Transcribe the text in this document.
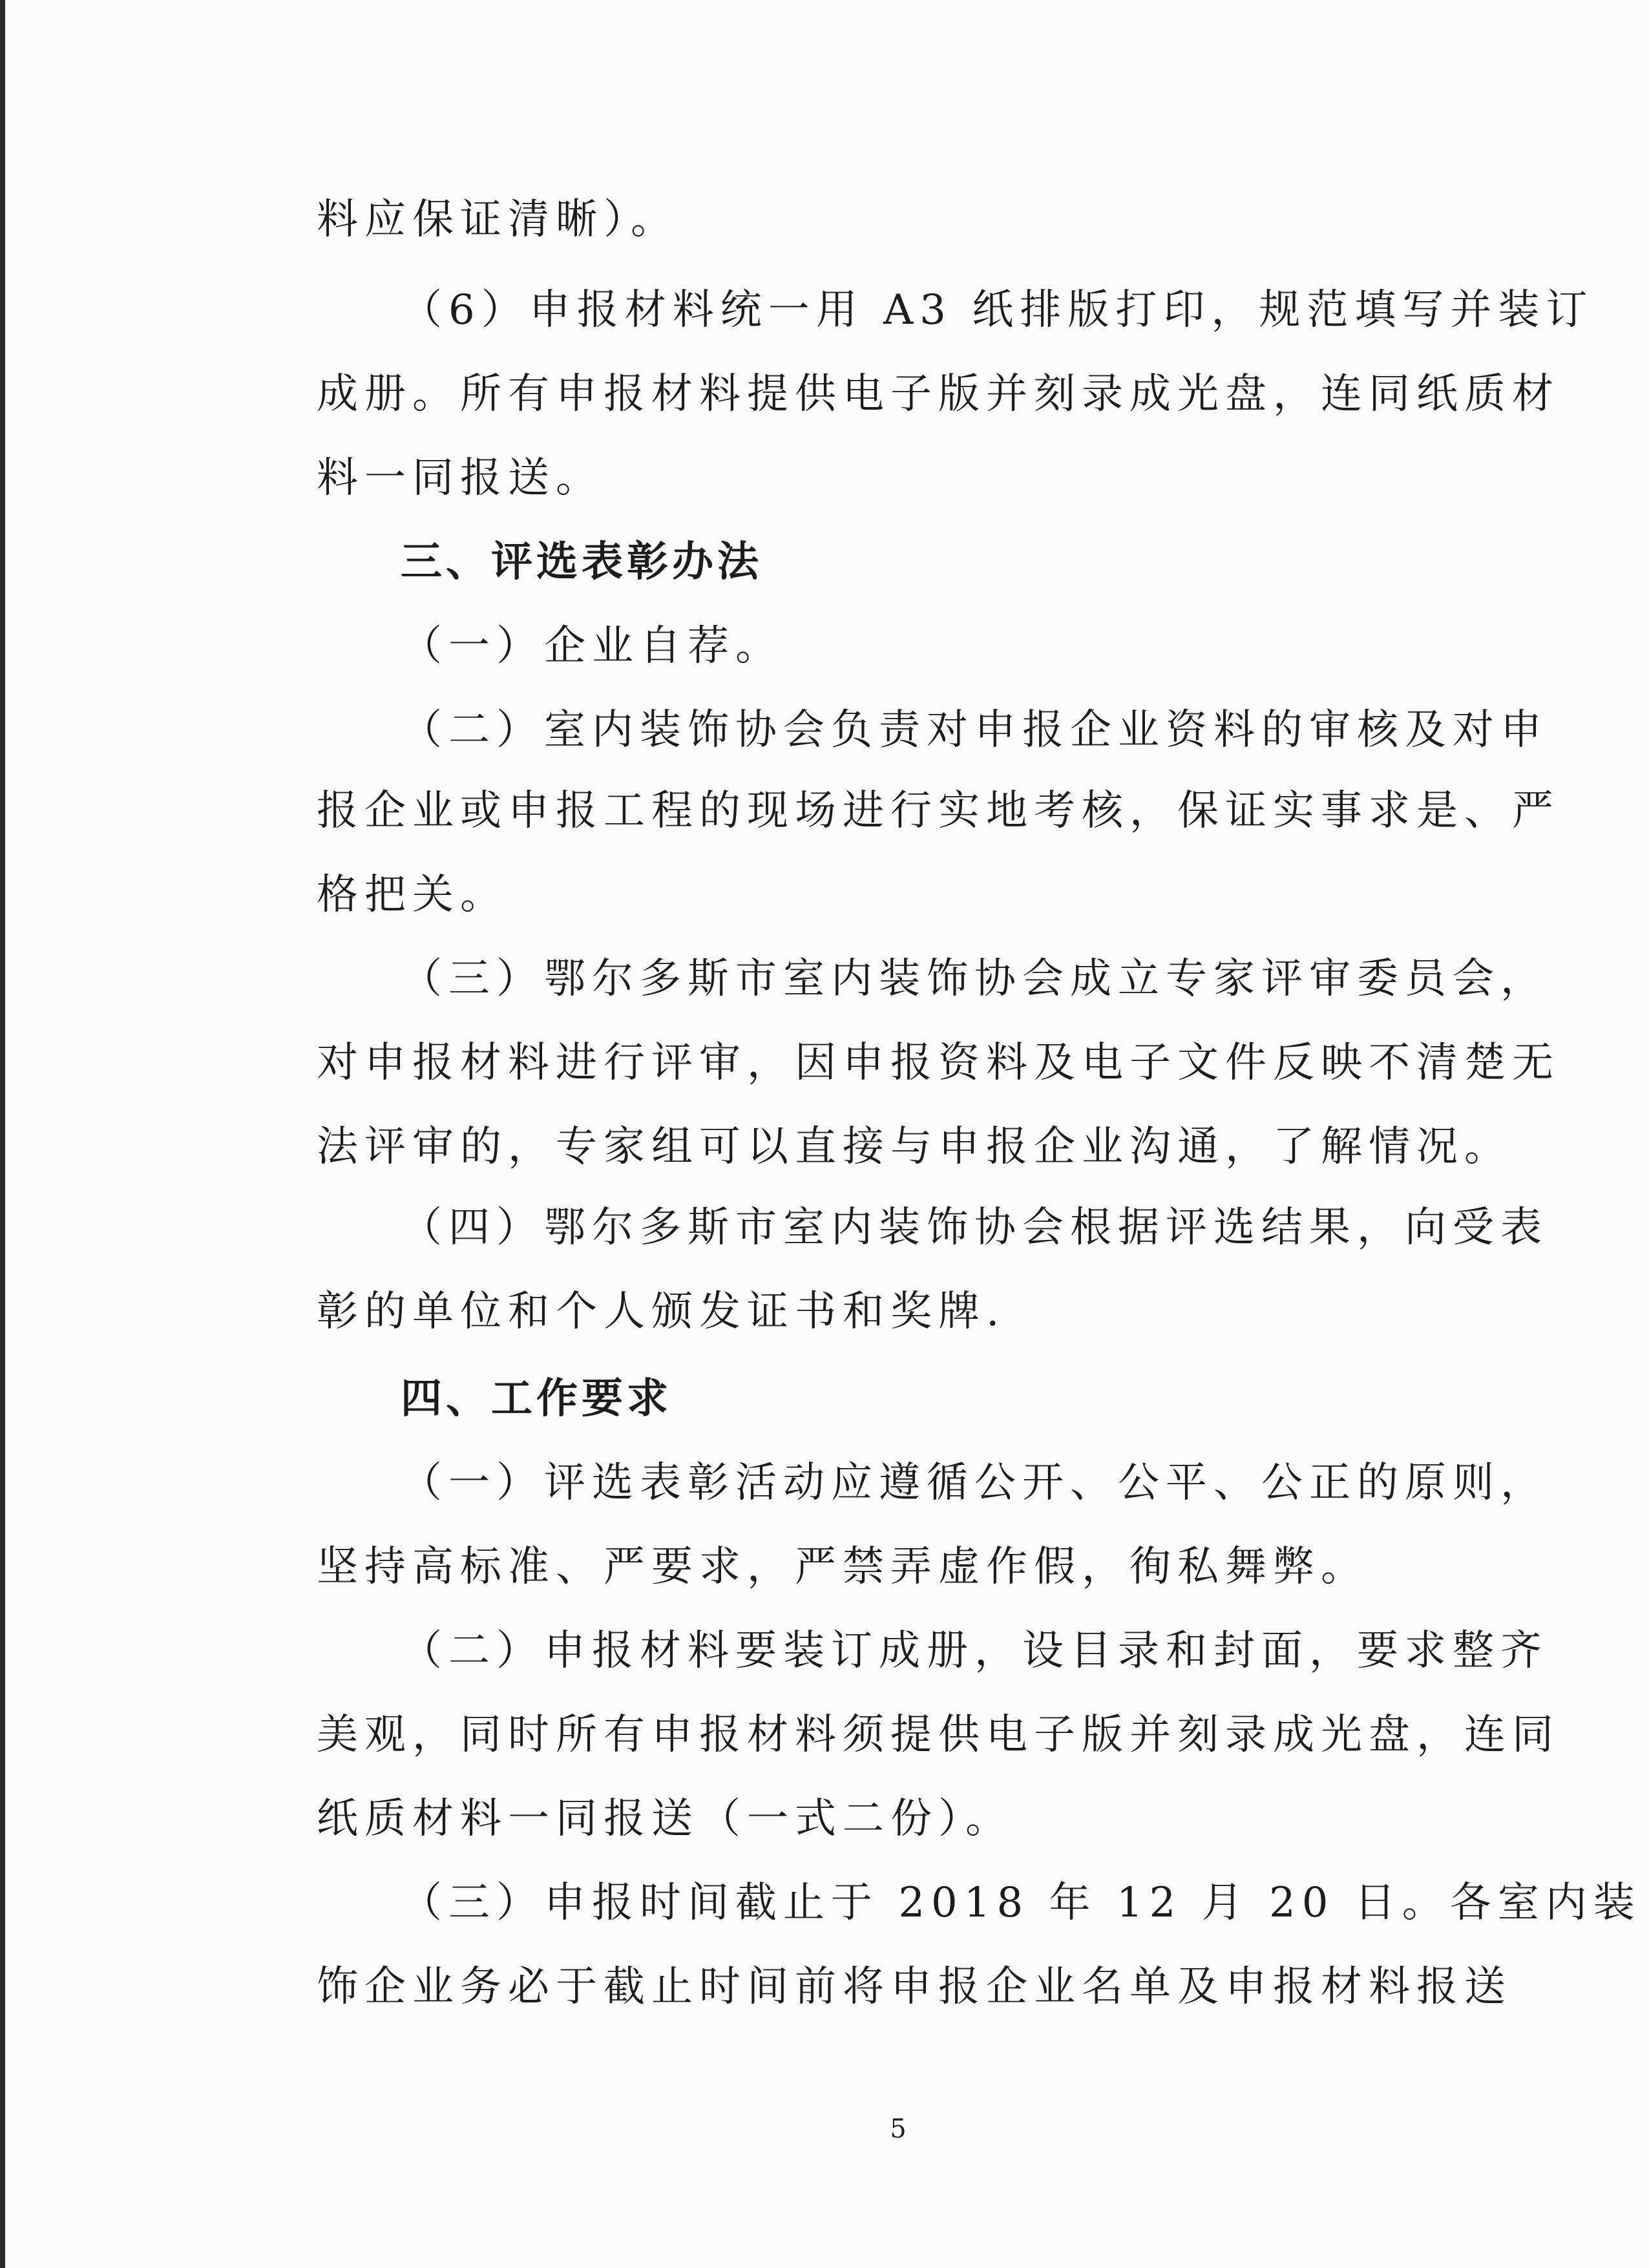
料应保证清晰）。
（6）申报材料统一用 A3 纸排版打印，规范填写并装订
成册。所有申报材料提供电子版并刻录成光盘，连同纸质材
料一同报送。
三、评选表彰办法
（一）企业自荐。
（二）室内装饰协会负责对申报企业资料的审核及对申
报企业或申报工程的现场进行实地考核，保证实事求是、严
格把关。
（三）鄂尔多斯市室内装饰协会成立专家评审委员会，
对申报材料进行评审，因申报资料及电子文件反映不清楚无
法评审的，专家组可以直接与申报企业沟通，了解情况。
（四）鄂尔多斯市室内装饰协会根据评选结果，向受表
彰的单位和个人颁发证书和奖牌.
四、工作要求
（一）评选表彰活动应遵循公开、公平、公正的原则，
坚持高标准、严要求，严禁弄虚作假，徇私舞弊。
（二）申报材料要装订成册，设目录和封面，要求整齐
美观，同时所有申报材料须提供电子版并刻录成光盘，连同
纸质材料一同报送（一式二份）。
（三）申报时间截止于 2018 年 12 月 20 日。各室内装
饰企业务必于截止时间前将申报企业名单及申报材料报送
5
